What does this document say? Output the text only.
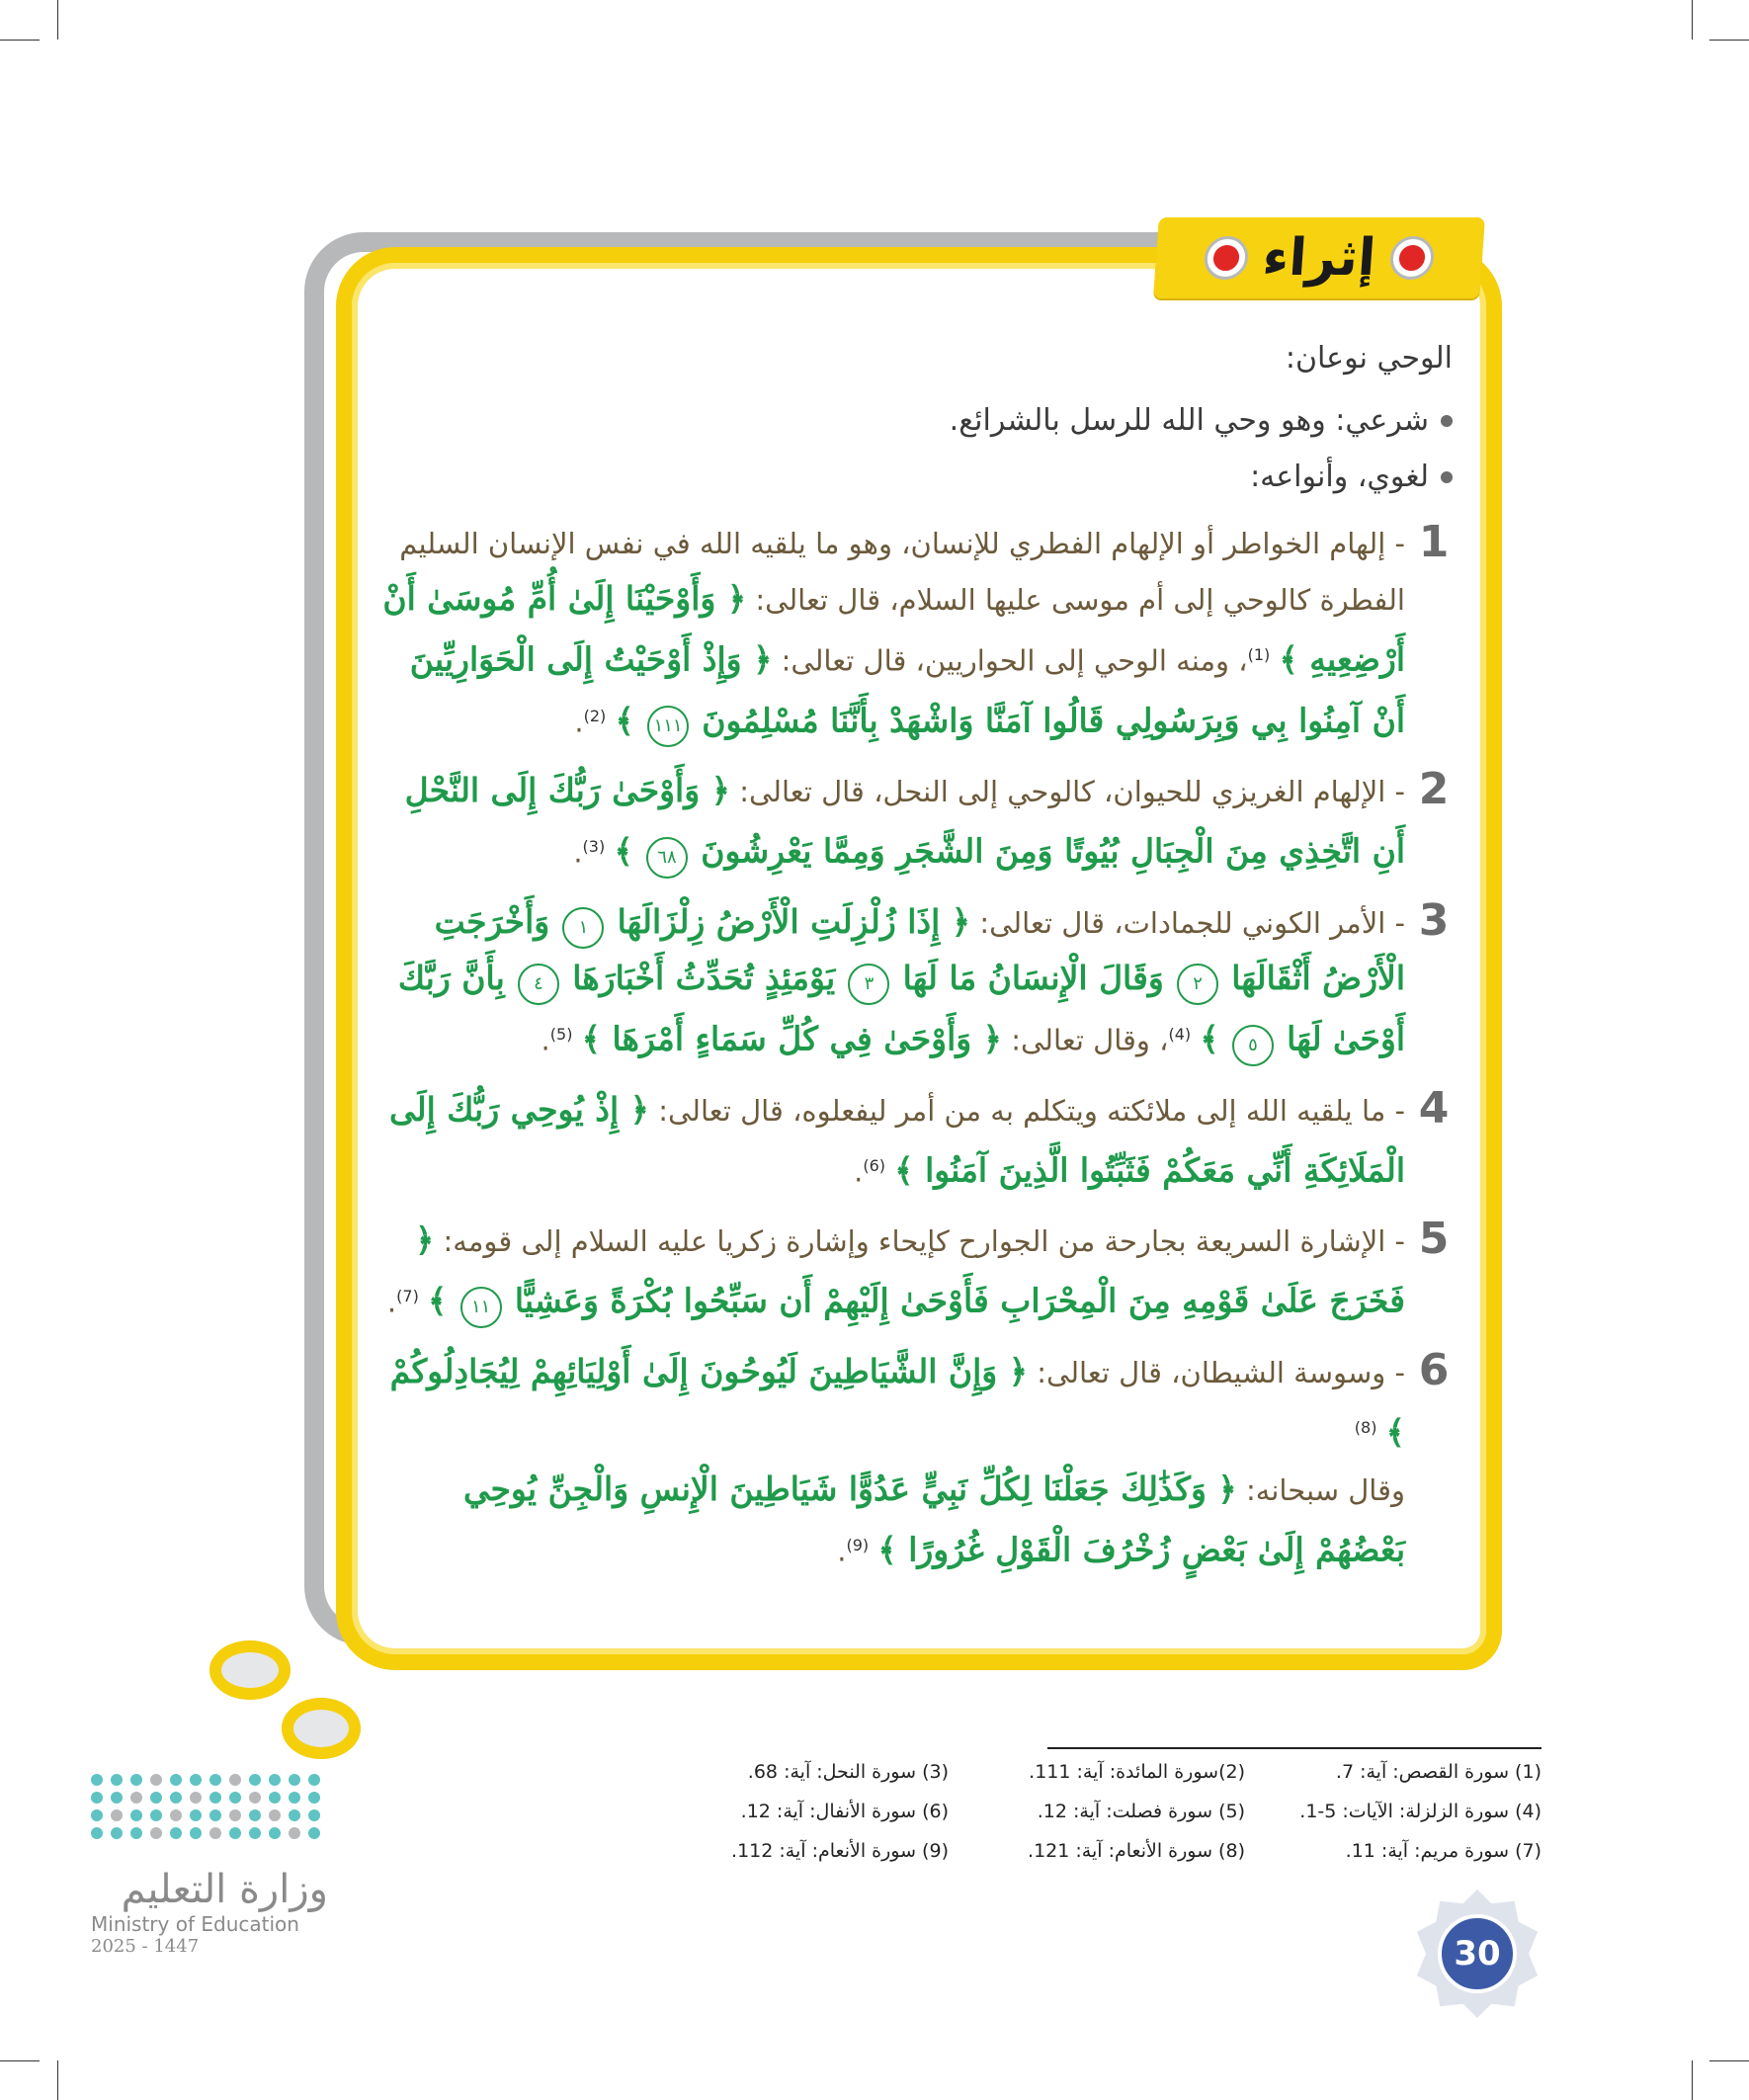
إثراء
الوحي نوعان:
شرعي: وهو وحي الله للرسل بالشرائع.
لغوي، وأنواعه:
1
- إلهام الخواطر أو الإلهام الفطري للإنسان، وهو ما يلقيه الله في نفس الإنسان السليم الفطرة كالوحي إلى أم موسى عليها السلام، قال تعالى: ﴿ وَأَوْحَيْنَا إِلَىٰ أُمِّ مُوسَىٰ أَنْ أَرْضِعِيهِ ﴾ $^{(1)}$، ومنه الوحي إلى الحواريين، قال تعالى: ﴿ وَإِذْ أَوْحَيْتُ إِلَى الْحَوَارِيِّينَ أَنْ آمِنُوا بِي وَبِرَسُولِي قَالُوا آمَنَّا وَاشْهَدْ بِأَنَّنَا مُسْلِمُونَ ١١١ ﴾ $^{(2)}$.
2
- الإلهام الغريزي للحيوان، كالوحي إلى النحل، قال تعالى: ﴿ وَأَوْحَىٰ رَبُّكَ إِلَى النَّحْلِ أَنِ اتَّخِذِي مِنَ الْجِبَالِ بُيُوتًا وَمِنَ الشَّجَرِ وَمِمَّا يَعْرِشُونَ ٦٨ ﴾ $^{(3)}$.
3
- الأمر الكوني للجمادات، قال تعالى: ﴿ إِذَا زُلْزِلَتِ الْأَرْضُ زِلْزَالَهَا ١ وَأَخْرَجَتِ الْأَرْضُ أَثْقَالَهَا ٢ وَقَالَ الْإِنسَانُ مَا لَهَا ٣ يَوْمَئِذٍ تُحَدِّثُ أَخْبَارَهَا ٤ بِأَنَّ رَبَّكَ أَوْحَىٰ لَهَا ٥ ﴾ $^{(4)}$، وقال تعالى: ﴿ وَأَوْحَىٰ فِي كُلِّ سَمَاءٍ أَمْرَهَا ﴾ $^{(5)}$.
4
- ما يلقيه الله إلى ملائكته ويتكلم به من أمر ليفعلوه، قال تعالى: ﴿ إِذْ يُوحِي رَبُّكَ إِلَى الْمَلَائِكَةِ أَنِّي مَعَكُمْ فَثَبِّتُوا الَّذِينَ آمَنُوا ﴾ $^{(6)}$.
5
- الإشارة السريعة بجارحة من الجوارح كإيحاء وإشارة زكريا عليه السلام إلى قومه: ﴿ فَخَرَجَ عَلَىٰ قَوْمِهِ مِنَ الْمِحْرَابِ فَأَوْحَىٰ إِلَيْهِمْ أَن سَبِّحُوا بُكْرَةً وَعَشِيًّا ١١ ﴾ $^{(7)}$.
6
- وسوسة الشيطان، قال تعالى: ﴿ وَإِنَّ الشَّيَاطِينَ لَيُوحُونَ إِلَىٰ أَوْلِيَائِهِمْ لِيُجَادِلُوكُمْ ﴾ $^{(8)}$
وقال سبحانه: ﴿ وَكَذَٰلِكَ جَعَلْنَا لِكُلِّ نَبِيٍّ عَدُوًّا شَيَاطِينَ الْإِنسِ وَالْجِنِّ يُوحِي بَعْضُهُمْ إِلَىٰ بَعْضٍ زُخْرُفَ الْقَوْلِ غُرُورًا ﴾ $^{(9)}$.
(1) سورة القصص: آية: 7.
(2)سورة المائدة: آية: 111.
(3) سورة النحل: آية: 68.
(4) سورة الزلزلة: الآيات: 5-1.
(5) سورة فصلت: آية: 12.
(6) سورة الأنفال: آية: 12.
(7) سورة مريم: آية: 11.
(8) سورة الأنعام: آية: 121.
(9) سورة الأنعام: آية: 112.
وزارة التعليم
Ministry of Education
2025 - 1447	30
